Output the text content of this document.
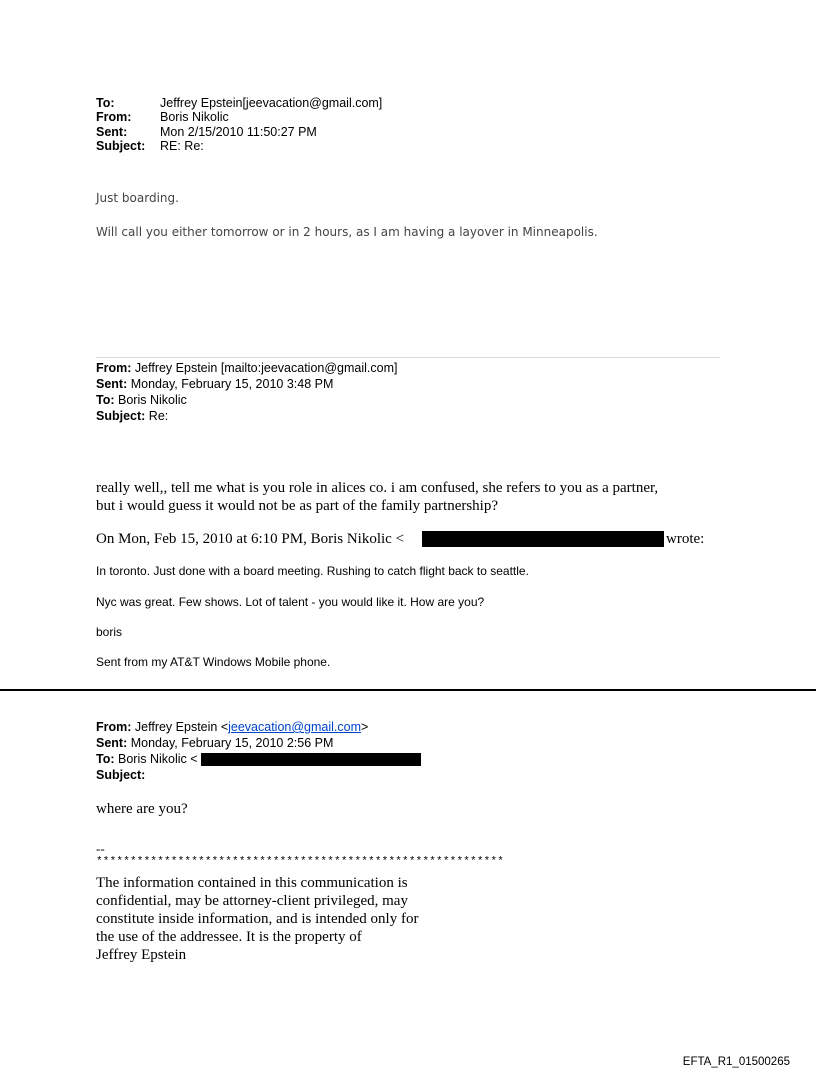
To:	Jeffrey Epstein[jeevacation@gmail.com]
From:	Boris Nikolic
Sent:	Mon 2/15/2010 11:50:27 PM
Subject:	RE: Re:
Just boarding.
Will call you either tomorrow or in 2 hours, as I am having a layover in Minneapolis.
From: Jeffrey Epstein [mailto:jeevacation@gmail.com]
Sent: Monday, February 15, 2010 3:48 PM
To: Boris Nikolic
Subject: Re:
really well,, tell me what is you role in alices co. i am confused, she refers to you as a partner,
but i would guess it would not be as part of the family partnership?
On Mon, Feb 15, 2010 at 6:10 PM, Boris Nikolic <	wrote:
In toronto. Just done with a board meeting. Rushing to catch flight back to seattle.
Nyc was great. Few shows. Lot of talent - you would like it. How are you?
boris
Sent from my AT&T Windows Mobile phone.
From: Jeffrey Epstein <jeevacation@gmail.com>
Sent: Monday, February 15, 2010 2:56 PM
To: Boris Nikolic <
Subject:
where are you?
--
************************************************************
The information contained in this communication is
confidential, may be attorney-client privileged, may
constitute inside information, and is intended only for
the use of the addressee. It is the property of
Jeffrey Epstein
EFTA_R1_01500265
